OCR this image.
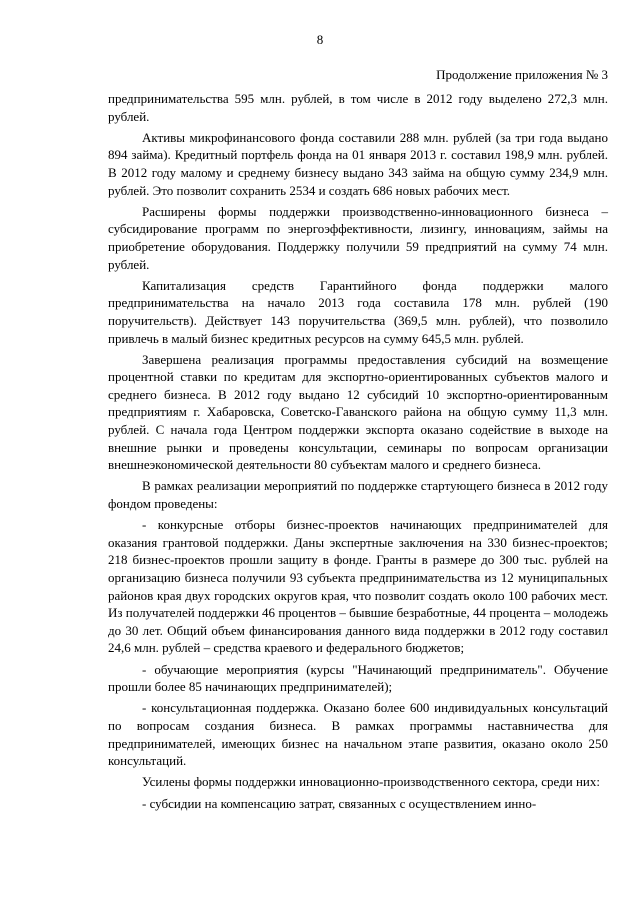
8
Продолжение приложения № 3

предпринимательства 595 млн. рублей, в том числе в 2012 году выделено 272,3 млн. рублей.

Активы микрофинансового фонда составили 288 млн. рублей (за три года выдано 894 займа). Кредитный портфель фонда на 01 января 2013 г. составил 198,9 млн. рублей. В 2012 году малому и среднему бизнесу выдано 343 займа на общую сумму 234,9 млн. рублей. Это позволит сохранить 2534 и создать 686 новых рабочих мест.

Расширены формы поддержки производственно-инновационного бизнеса – субсидирование программ по энергоэффективности, лизингу, инновациям, займы на приобретение оборудования. Поддержку получили 59 предприятий на сумму 74 млн. рублей.

Капитализация средств Гарантийного фонда поддержки малого предпринимательства на начало 2013 года составила 178 млн. рублей (190 поручительств). Действует 143 поручительства (369,5 млн. рублей), что позволило привлечь в малый бизнес кредитных ресурсов на сумму 645,5 млн. рублей.

Завершена реализация программы предоставления субсидий на возмещение процентной ставки по кредитам для экспортно-ориентированных субъектов малого и среднего бизнеса. В 2012 году выдано 12 субсидий 10 экспортно-ориентированным предприятиям г. Хабаровска, Советско-Гаванского района на общую сумму 11,3 млн. рублей. С начала года Центром поддержки экспорта оказано содействие в выходе на внешние рынки и проведены консультации, семинары по вопросам организации внешнеэкономической деятельности 80 субъектам малого и среднего бизнеса.

В рамках реализации мероприятий по поддержке стартующего бизнеса в 2012 году фондом проведены:

- конкурсные отборы бизнес-проектов начинающих предпринимателей для оказания грантовой поддержки. Даны экспертные заключения на 330 бизнес-проектов; 218 бизнес-проектов прошли защиту в фонде. Гранты в размере до 300 тыс. рублей на организацию бизнеса получили 93 субъекта предпринимательства из 12 муниципальных районов края двух городских округов края, что позволит создать около 100 рабочих мест. Из получателей поддержки 46 процентов – бывшие безработные, 44 процента – молодежь до 30 лет. Общий объем финансирования данного вида поддержки в 2012 году составил 24,6 млн. рублей – средства краевого и федерального бюджетов;

- обучающие мероприятия (курсы "Начинающий предприниматель". Обучение прошли более 85 начинающих предпринимателей);

- консультационная поддержка. Оказано более 600 индивидуальных консультаций по вопросам создания бизнеса. В рамках программы наставничества для предпринимателей, имеющих бизнес на начальном этапе развития, оказано около 250 консультаций.

Усилены формы поддержки инновационно-производственного сектора, среди них:

- субсидии на компенсацию затрат, связанных с осуществлением инно-
